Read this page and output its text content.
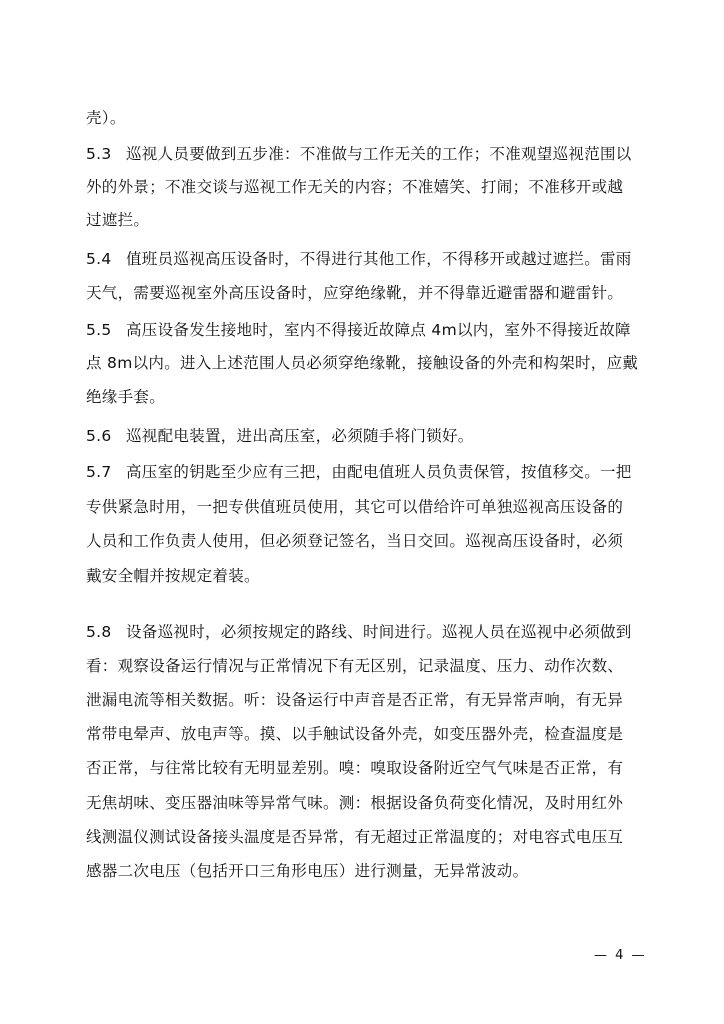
壳）。
5.3 巡视人员要做到五步准：不准做与工作无关的工作；不准观望巡视范围以
外的外景；不准交谈与巡视工作无关的内容；不准嬉笑、打闹；不准移开或越
过遮拦。
5.4 值班员巡视高压设备时，不得进行其他工作，不得移开或越过遮拦。雷雨
天气，需要巡视室外高压设备时，应穿绝缘靴，并不得靠近避雷器和避雷针。
5.5 高压设备发生接地时，室内不得接近故障点 4m以内，室外不得接近故障
点 8m以内。进入上述范围人员必须穿绝缘靴，接触设备的外壳和构架时，应戴
绝缘手套。
5.6 巡视配电装置，进出高压室，必须随手将门锁好。
5.7 高压室的钥匙至少应有三把，由配电值班人员负责保管，按值移交。一把
专供紧急时用，一把专供值班员使用，其它可以借给许可单独巡视高压设备的
人员和工作负责人使用，但必须登记签名，当日交回。巡视高压设备时，必须
戴安全帽并按规定着装。
5.8 设备巡视时，必须按规定的路线、时间进行。巡视人员在巡视中必须做到
看：观察设备运行情况与正常情况下有无区别，记录温度、压力、动作次数、
泄漏电流等相关数据。听：设备运行中声音是否正常，有无异常声响，有无异
常带电晕声、放电声等。摸、以手触试设备外壳，如变压器外壳，检查温度是
否正常，与往常比较有无明显差别。嗅：嗅取设备附近空气气味是否正常，有
无焦胡味、变压器油味等异常气味。测：根据设备负荷变化情况，及时用红外
线测温仪测试设备接头温度是否异常，有无超过正常温度的；对电容式电压互
感器二次电压（包括开口三角形电压）进行测量，无异常波动。
— 4 —
